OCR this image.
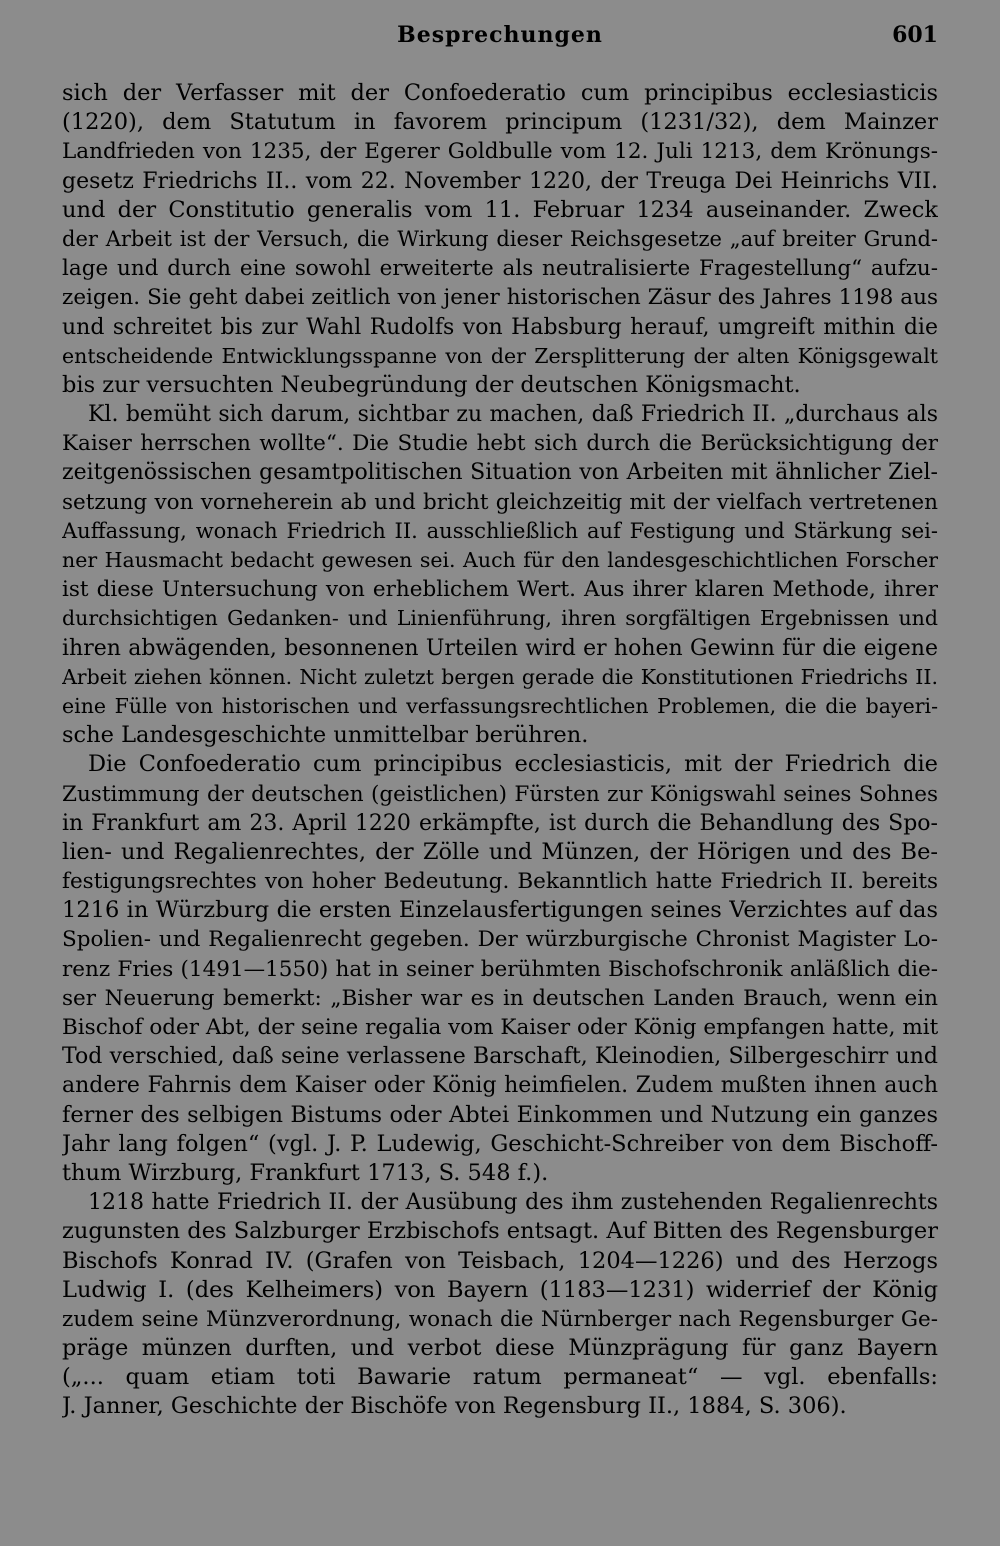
Besprechungen	601
sich der Verfasser mit der Confoederatio cum principibus ecclesiasticis
(1220), dem Statutum in favorem principum (1231/32), dem Mainzer
Landfrieden von 1235, der Egerer Goldbulle vom 12. Juli 1213, dem Krönungs-
gesetz Friedrichs II.. vom 22. November 1220, der Treuga Dei Heinrichs VII.
und der Constitutio generalis vom 11. Februar 1234 auseinander. Zweck
der Arbeit ist der Versuch, die Wirkung dieser Reichsgesetze „auf breiter Grund-
lage und durch eine sowohl erweiterte als neutralisierte Fragestellung“ aufzu-
zeigen. Sie geht dabei zeitlich von jener historischen Zäsur des Jahres 1198 aus
und schreitet bis zur Wahl Rudolfs von Habsburg herauf, umgreift mithin die
entscheidende Entwicklungsspanne von der Zersplitterung der alten Königsgewalt
bis zur versuchten Neubegründung der deutschen Königsmacht.
Kl. bemüht sich darum, sichtbar zu machen, daß Friedrich II. „durchaus als
Kaiser herrschen wollte“. Die Studie hebt sich durch die Berücksichtigung der
zeitgenössischen gesamtpolitischen Situation von Arbeiten mit ähnlicher Ziel-
setzung von vorneherein ab und bricht gleichzeitig mit der vielfach vertretenen
Auffassung, wonach Friedrich II. ausschließlich auf Festigung und Stärkung sei-
ner Hausmacht bedacht gewesen sei. Auch für den landesgeschichtlichen Forscher
ist diese Untersuchung von erheblichem Wert. Aus ihrer klaren Methode, ihrer
durchsichtigen Gedanken- und Linienführung, ihren sorgfältigen Ergebnissen und
ihren abwägenden, besonnenen Urteilen wird er hohen Gewinn für die eigene
Arbeit ziehen können. Nicht zuletzt bergen gerade die Konstitutionen Friedrichs II.
eine Fülle von historischen und verfassungsrechtlichen Problemen, die die bayeri-
sche Landesgeschichte unmittelbar berühren.
Die Confoederatio cum principibus ecclesiasticis, mit der Friedrich die
Zustimmung der deutschen (geistlichen) Fürsten zur Königswahl seines Sohnes
in Frankfurt am 23. April 1220 erkämpfte, ist durch die Behandlung des Spo-
lien- und Regalienrechtes, der Zölle und Münzen, der Hörigen und des Be-
festigungsrechtes von hoher Bedeutung. Bekanntlich hatte Friedrich II. bereits
1216 in Würzburg die ersten Einzelausfertigungen seines Verzichtes auf das
Spolien- und Regalienrecht gegeben. Der würzburgische Chronist Magister Lo-
renz Fries (1491—1550) hat in seiner berühmten Bischofschronik anläßlich die-
ser Neuerung bemerkt: „Bisher war es in deutschen Landen Brauch, wenn ein
Bischof oder Abt, der seine regalia vom Kaiser oder König empfangen hatte, mit
Tod verschied, daß seine verlassene Barschaft, Kleinodien, Silbergeschirr und
andere Fahrnis dem Kaiser oder König heimfielen. Zudem mußten ihnen auch
ferner des selbigen Bistums oder Abtei Einkommen und Nutzung ein ganzes
Jahr lang folgen“ (vgl. J. P. Ludewig, Geschicht-Schreiber von dem Bischoff-
thum Wirzburg, Frankfurt 1713, S. 548 f.).
1218 hatte Friedrich II. der Ausübung des ihm zustehenden Regalienrechts
zugunsten des Salzburger Erzbischofs entsagt. Auf Bitten des Regensburger
Bischofs Konrad IV. (Grafen von Teisbach, 1204—1226) und des Herzogs
Ludwig I. (des Kelheimers) von Bayern (1183—1231) widerrief der König
zudem seine Münzverordnung, wonach die Nürnberger nach Regensburger Ge-
präge münzen durften, und verbot diese Münzprägung für ganz Bayern
(„... quam etiam toti Bawarie ratum permaneat“ — vgl. ebenfalls:
J. Janner, Geschichte der Bischöfe von Regensburg II., 1884, S. 306).
